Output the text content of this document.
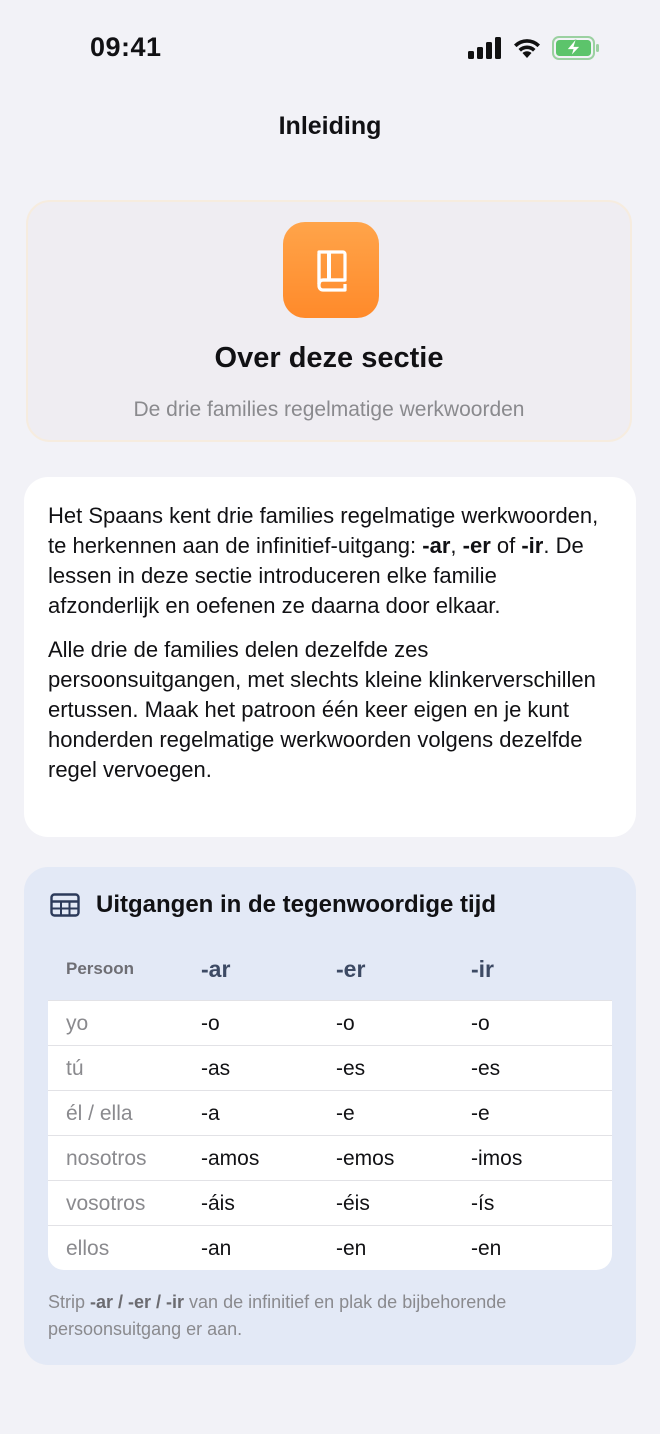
09:41
Inleiding
Over deze sectie
De drie families regelmatige werkwoorden

Het Spaans kent drie families regelmatige werkwoorden, te herkennen aan de infinitief-uitgang: -ar, -er of -ir. De lessen in deze sectie introduceren elke familie afzonderlijk en oefenen ze daarna door elkaar.

Alle drie de families delen dezelfde zes persoonsuitgangen, met slechts kleine klinkerverschillen ertussen. Maak het patroon één keer eigen en je kunt honderden regelmatige werkwoorden volgens dezelfde regel vervoegen.

Uitgangen in de tegenwoordige tijd
Persoon	-ar	-er	-ir
yo	-o	-o	-o
tú	-as	-es	-es
él / ella	-a	-e	-e
nosotros	-amos	-emos	-imos
vosotros	-áis	-éis	-ís
ellos	-an	-en	-en
Strip -ar / -er / -ir van de infinitief en plak de bijbehorende persoonsuitgang er aan.
